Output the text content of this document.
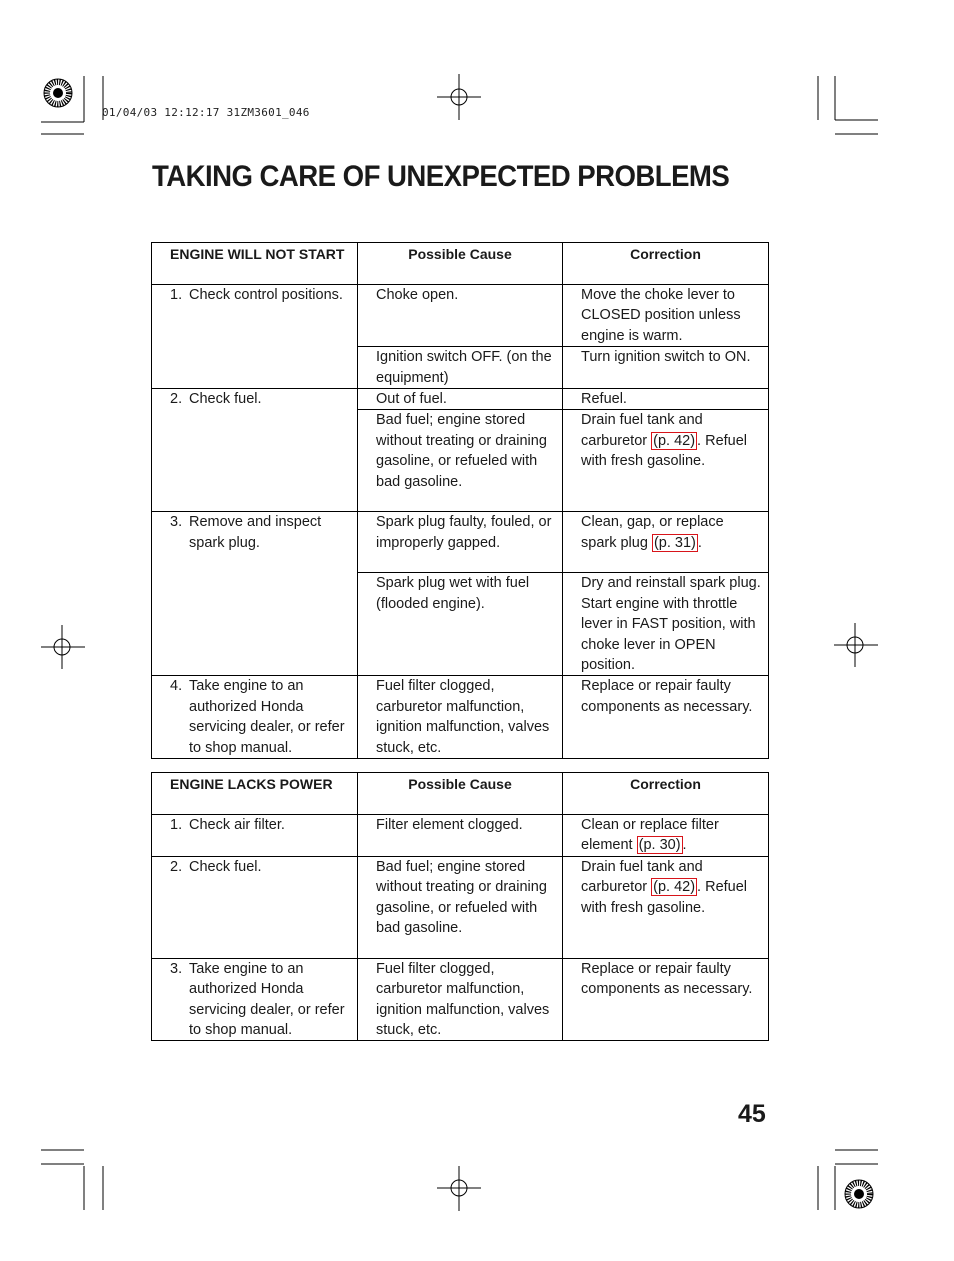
01/04/03 12:12:17 31ZM3601_046
TAKING CARE OF UNEXPECTED PROBLEMS
ENGINE WILL NOT START	Possible Cause	Correction

1. Check control positions.	Choke open.	Move the choke lever to CLOSED position unless engine is warm.
	Ignition switch OFF. (on the equipment)	Turn ignition switch to ON.

2. Check fuel.	Out of fuel.	Refuel.
	Bad fuel; engine stored without treating or draining gasoline, or refueled with bad gasoline.	Drain fuel tank and carburetor (p. 42) . Refuel with fresh gasoline.

3. Remove and inspect spark plug.	Spark plug faulty, fouled, or improperly gapped.	Clean, gap, or replace spark plug (p. 31) .
	Spark plug wet with fuel (flooded engine).	Dry and reinstall spark plug. Start engine with throttle lever in FAST position, with choke lever in OPEN position.

4. Take engine to an authorized Honda servicing dealer, or refer to shop manual.	Fuel filter clogged, carburetor malfunction, ignition malfunction, valves stuck, etc.	Replace or repair faulty components as necessary.
ENGINE LACKS POWER	Possible Cause	Correction

1. Check air filter.	Filter element clogged.	Clean or replace filter element (p. 30) .

2. Check fuel.	Bad fuel; engine stored without treating or draining gasoline, or refueled with bad gasoline.	Drain fuel tank and carburetor (p. 42) . Refuel with fresh gasoline.

3. Take engine to an authorized Honda servicing dealer, or refer to shop manual.	Fuel filter clogged, carburetor malfunction, ignition malfunction, valves stuck, etc.	Replace or repair faulty components as necessary.
45
